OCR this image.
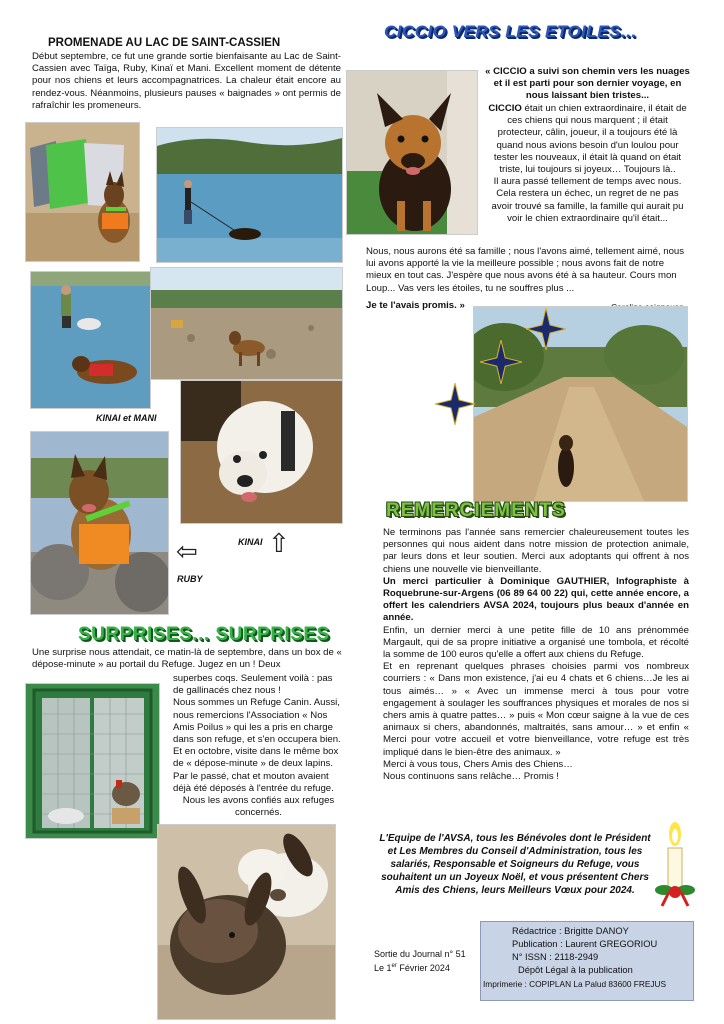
PROMENADE AU LAC DE SAINT-CASSIEN
Début septembre, ce fut une grande sortie bienfaisante au Lac de Saint-Cassien avec Taïga, Ruby, Kinaï et Mani. Excellent moment de détente pour nos chiens et leurs accompagnatrices. La chaleur était encore au rendez-vous. Néanmoins, plusieurs pauses « baignades » ont permis de rafraîchir les promeneurs.
KINAI et MANI
⇦	⇧
KINAI
RUBY
CICCIO VERS LES ETOILES...

« CICCIO a suivi son chemin vers les nuages et il est parti pour son dernier voyage, en nous laissant bien tristes...

CICCIO était un chien extraordinaire, il était de ces chiens qui nous marquent ; il était protecteur, câlin, joueur, il a toujours été là quand nous avions besoin d'un loulou pour tester les nouveaux, il était là quand on était triste, lui toujours si joyeux… Toujours là..

Il aura passé tellement de temps avec nous. Cela restera un échec, un regret de ne pas avoir trouvé sa famille, la famille qui aurait pu voir le chien extraordinaire qu'il était...

Nous, nous aurons été sa famille ; nous l'avons aimé, tellement aimé, nous lui avons apporté la vie la meilleure possible ; nous avons fait de notre mieux en tout cas. J'espère que nous avons été à sa hauteur. Cours mon Loup... Vas vers les étoiles, tu ne souffres plus ...
Je te l'avais promis. »
REMERCIEMENTS

Ne terminons pas l'année sans remercier chaleureusement toutes les personnes qui nous aident dans notre mission de protection animale, par leurs dons et leur soutien. Merci aux adoptants qui offrent à nos chiens une nouvelle vie bienveillante.

Un merci particulier à Dominique GAUTHIER, Infographiste à Roquebrune-sur-Argens (06 89 64 00 22) qui, cette année encore, a offert les calendriers AVSA 2024, toujours plus beaux d'année en année.

Enfin, un dernier merci à une petite fille de 10 ans prénommée Margault, qui de sa propre initiative a organisé une tombola, et récolté la somme de 100 euros qu'elle a offert aux chiens du Refuge.

Et en reprenant quelques phrases choisies parmi vos nombreux courriers : « Dans mon existence, j'ai eu 4 chats et 6 chiens…Je les ai tous aimés… » « Avec un immense merci à tous pour votre engagement à soulager les souffrances physiques et morales de nos si chers amis à quatre pattes… » puis « Mon cœur saigne à la vue de ces animaux si chers, abandonnés, maltraités, sans amour… » et enfin « Merci pour votre accueil et votre bienveillance, votre refuge est très impliqué dans le bien-être des animaux. »

Merci à vous tous, Chers Amis des Chiens…

Nous continuons sans relâche… Promis !

SURPRISES... SURPRISES
Une surprise nous attendait, ce matin-là de septembre, dans un box de « dépose-minute » au portail du Refuge. Jugez en un ! Deux

superbes coqs. Seulement voilà : pas de gallinacés chez nous !

Nous sommes un Refuge Canin. Aussi, nous remercions l'Association « Nos Amis Poilus » qui les a pris en charge dans son refuge, et s'en occupera bien.

Et en octobre, visite dans le même box de « dépose-minute » de deux lapins.

Par le passé, chat et mouton avaient déjà été déposés à l'entrée du refuge.

Nous les avons confiés aux refuges concernés.

L'Equipe de l'AVSA, tous les Bénévoles dont le Président et Les Membres du Conseil d'Administration, tous les salariés, Responsable et Soigneurs du Refuge, vous souhaitent un un Joyeux Noël, et vous présentent Chers Amis des Chiens, leurs Meilleurs Vœux pour 2024.
Sortie du Journal n° 51
Le 1er Février 2024
Rédactrice : Brigitte DANOY
Publication : Laurent GREGORIOU
N° ISSN : 2118-2949
Dépôt Légal à la publication
Imprimerie : COPIPLAN La Palud 83600 FREJUS
